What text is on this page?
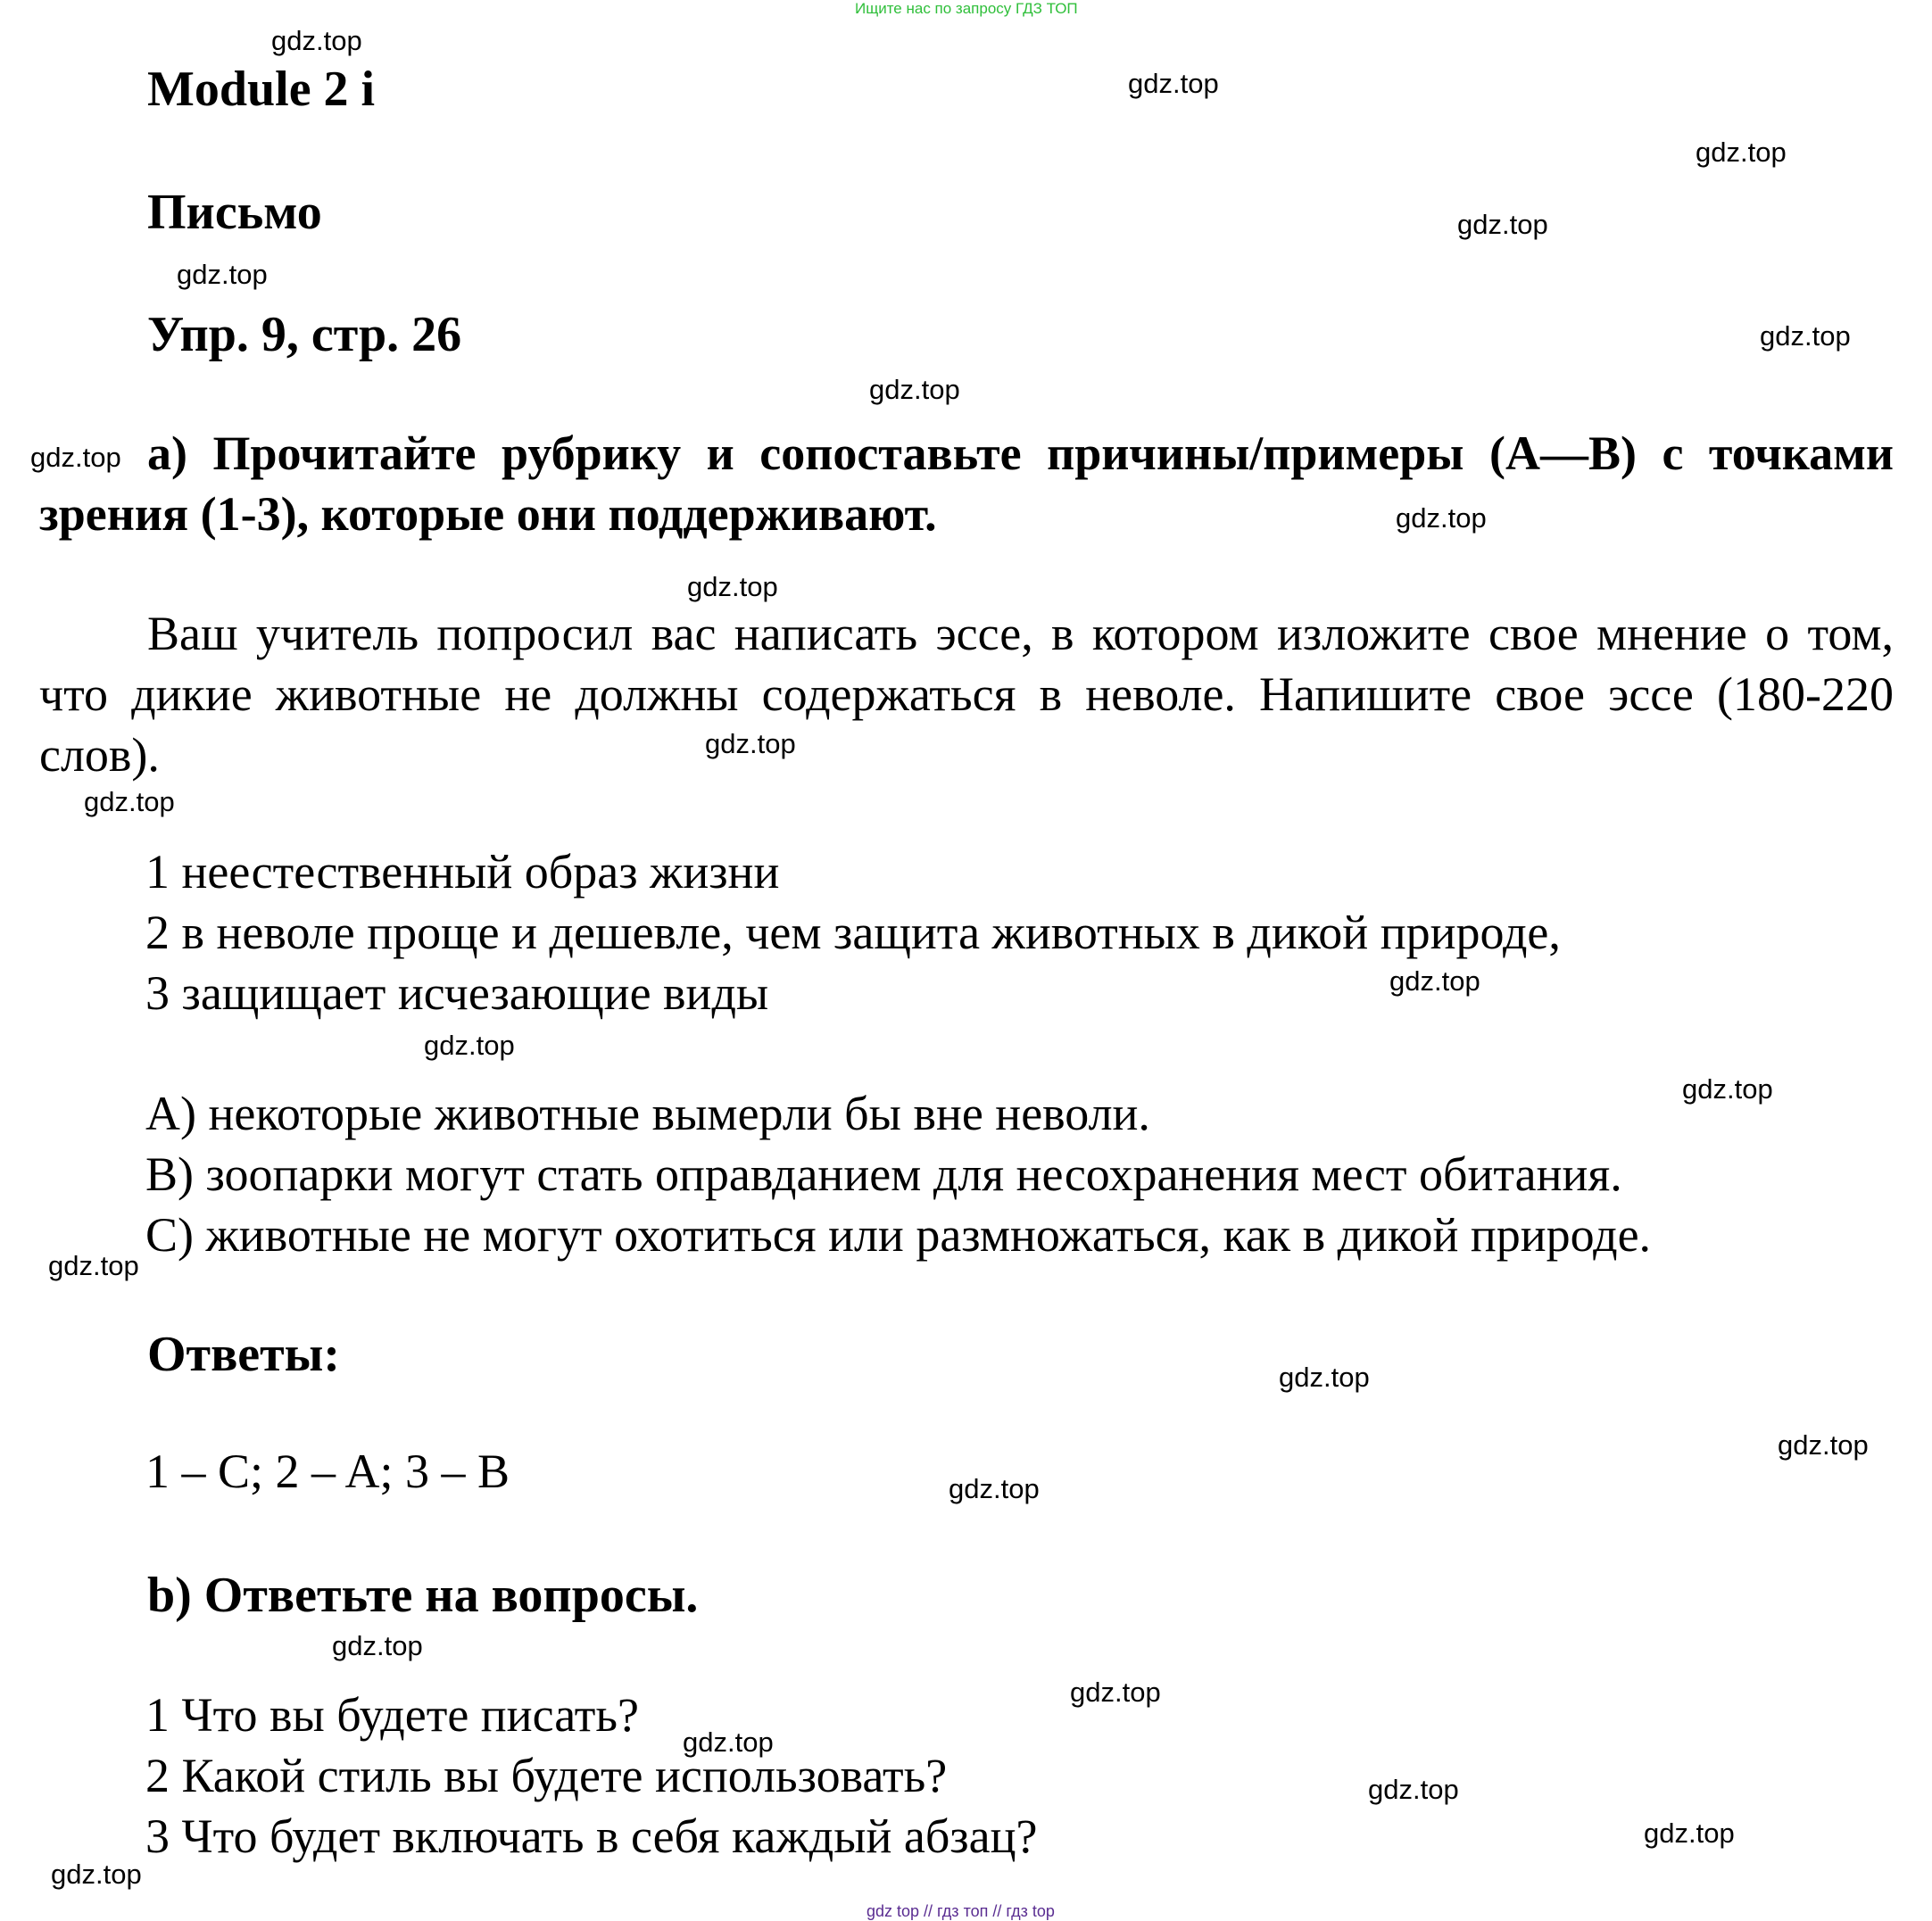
Ищите нас по запросу ГДЗ ТОП
Module 2 i
Письмо
Упр. 9, стр. 26
а) Прочитайте рубрику и сопоставьте причины/примеры (А—В) с точками зрения (1-3), которые они поддерживают.
Ваш учитель попросил вас написать эссе, в котором изложите свое мнение о том, что дикие животные не должны содержаться в неволе. Напишите свое эссе (180-220 слов).
1 неестественный образ жизни
2 в неволе проще и дешевле, чем защита животных в дикой природе,
3 защищает исчезающие виды
A) некоторые животные вымерли бы вне неволи.
B) зоопарки могут стать оправданием для несохранения мест обитания.
C) животные не могут охотиться или размножаться, как в дикой природе.
Ответы:
1 – C; 2 – A; 3 – B
b) Ответьте на вопросы.
1 Что вы будете писать?
2 Какой стиль вы будете использовать?
3 Что будет включать в себя каждый абзац?
gdz.top
gdz.top
gdz.top
gdz.top
gdz.top
gdz.top
gdz.top
gdz.top
gdz.top
gdz.top
gdz.top
gdz.top
gdz.top
gdz.top
gdz.top
gdz.top
gdz.top
gdz.top
gdz.top
gdz.top
gdz.top
gdz.top
gdz.top
gdz.top
gdz.top
gdz top // гдз топ // гдз top
